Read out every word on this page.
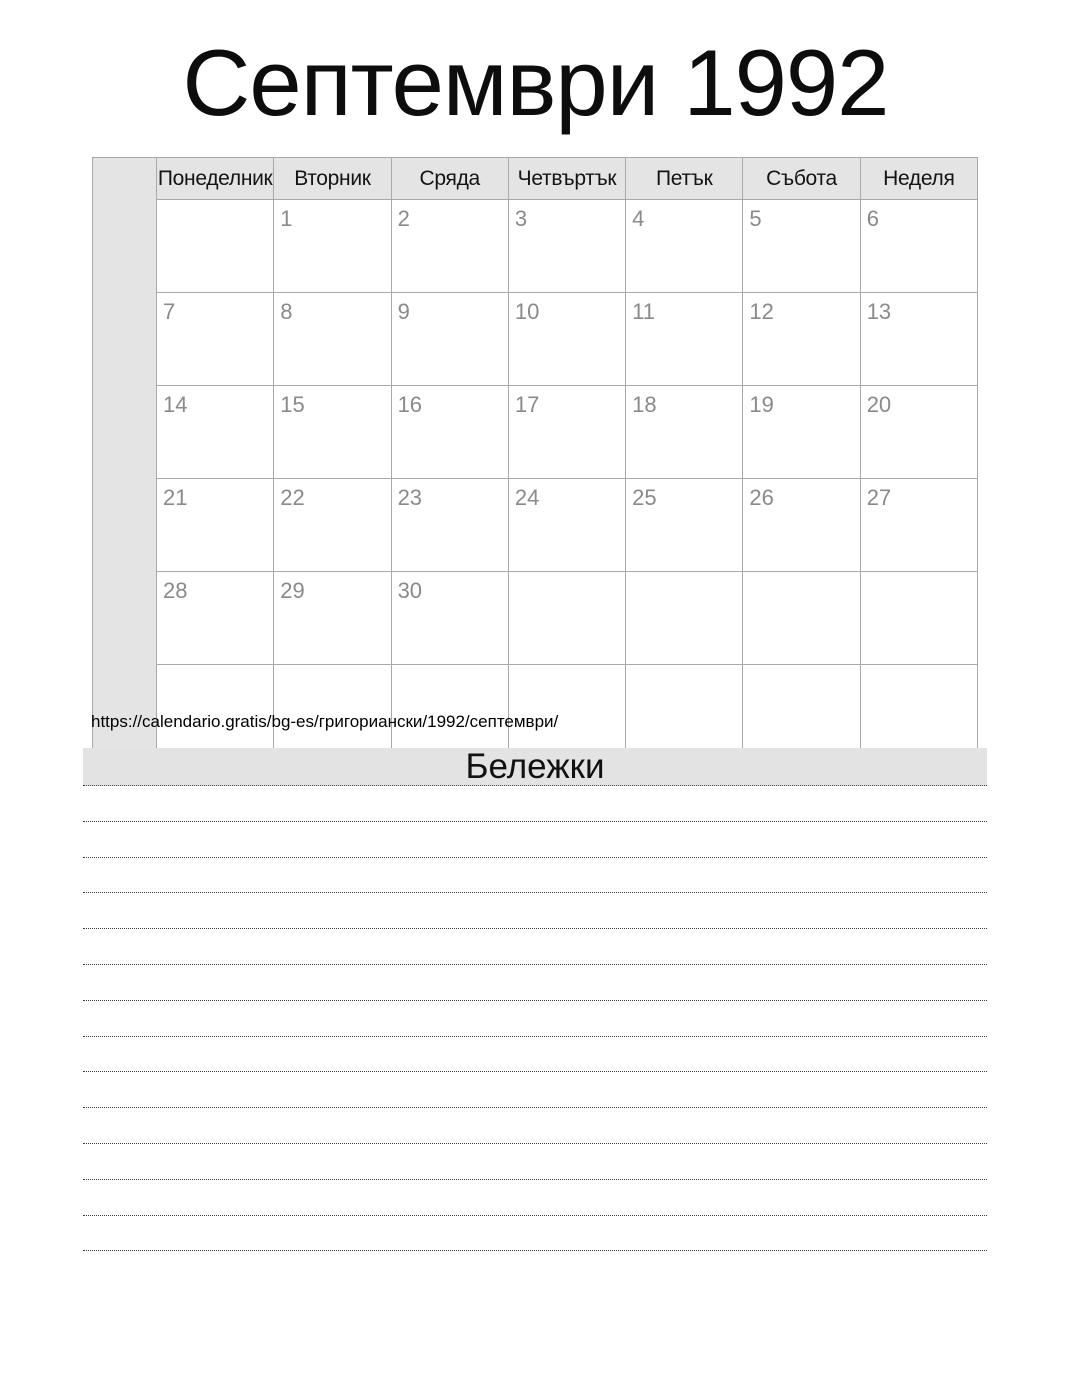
Септември 1992
	Понеделник	Вторник	Сряда	Четвъртък	Петък	Събота	Неделя
		1	2	3	4	5	6
	7	8	9	10	11	12	13
	14	15	16	17	18	19	20
	21	22	23	24	25	26	27
	28	29	30				

https://calendario.gratis/bg-es/григориански/1992/септември/
Бележки
